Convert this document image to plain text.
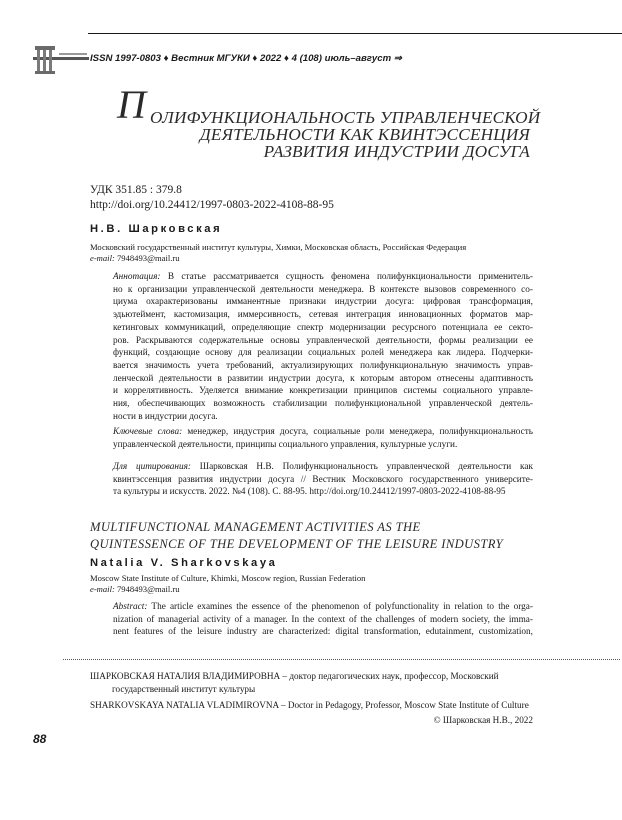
ISSN 1997-0803 ♦ Вестник МГУКИ ♦ 2022 ♦ 4 (108) июль–август ⇒
П ОЛИФУНКЦИОНАЛЬНОСТЬ УПРАВЛЕНЧЕСКОЙ
ДЕЯТЕЛЬНОСТИ КАК КВИНТЭССЕНЦИЯ
РАЗВИТИЯ ИНДУСТРИИ ДОСУГА
УДК 351.85 : 379.8
http://doi.org/10.24412/1997-0803-2022-4108-88-95
Н.В. Шарковская
Московский государственный институт культуры, Химки, Московская область, Российская Федерация
e-mail: 7948493@mail.ru
Аннотация: В статье рассматривается сущность феномена полифункциональности применитель-
но к организации управленческой деятельности менеджера. В контексте вызовов современного со-
циума охарактеризованы имманентные признаки индустрии досуга: цифровая трансформация,
эдьютеймент, кастомизация, иммерсивность, сетевая интеграция инновационных форматов мар-
кетинговых коммуникаций, определяющие спектр модернизации ресурсного потенциала ее секто-
ров. Раскрываются содержательные основы управленческой деятельности, формы реализации ее
функций, создающие основу для реализации социальных ролей менеджера как лидера. Подчерки-
вается значимость учета требований, актуализирующих полифункциональную значимость управ-
ленческой деятельности в развитии индустрии досуга, к которым автором отнесены адаптивность
и коррелятивность. Уделяется внимание конкретизации принципов системы социального управле-
ния, обеспечивающих возможность стабилизации полифункциональной управленческой деятель-
ности в индустрии досуга.
Ключевые слова: менеджер, индустрия досуга, социальные роли менеджера, полифункциональность
управленческой деятельности, принципы социального управления, культурные услуги.
Для цитирования: Шарковская Н.В. Полифункциональность управленческой деятельности как
квинтэссенция развития индустрии досуга // Вестник Московского государственного университе-
та культуры и искусств. 2022. №4 (108). С. 88-95. http://doi.org/10.24412/1997-0803-2022-4108-88-95
MULTIFUNCTIONAL MANAGEMENT ACTIVITIES AS THE
QUINTESSENCE OF THE DEVELOPMENT OF THE LEISURE INDUSTRY
Natalia V. Sharkovskaya
Moscow State Institute of Culture, Khimki, Moscow region, Russian Federation
e-mail: 7948493@mail.ru
Abstract: The article examines the essence of the phenomenon of polyfunctionality in relation to the orga-
nization of managerial activity of a manager. In the context of the challenges of modern society, the imma-
nent features of the leisure industry are characterized: digital transformation, edutainment, customization,
ШАРКОВСКАЯ НАТАЛИЯ ВЛАДИМИРОВНА – доктор педагогических наук, профессор, Московский
государственный институт культуры
SHARKOVSKAYA NATALIA VLADIMIROVNA – Doctor in Pedagogy, Professor, Moscow State Institute of Culture
© Шарковская Н.В., 2022
88
